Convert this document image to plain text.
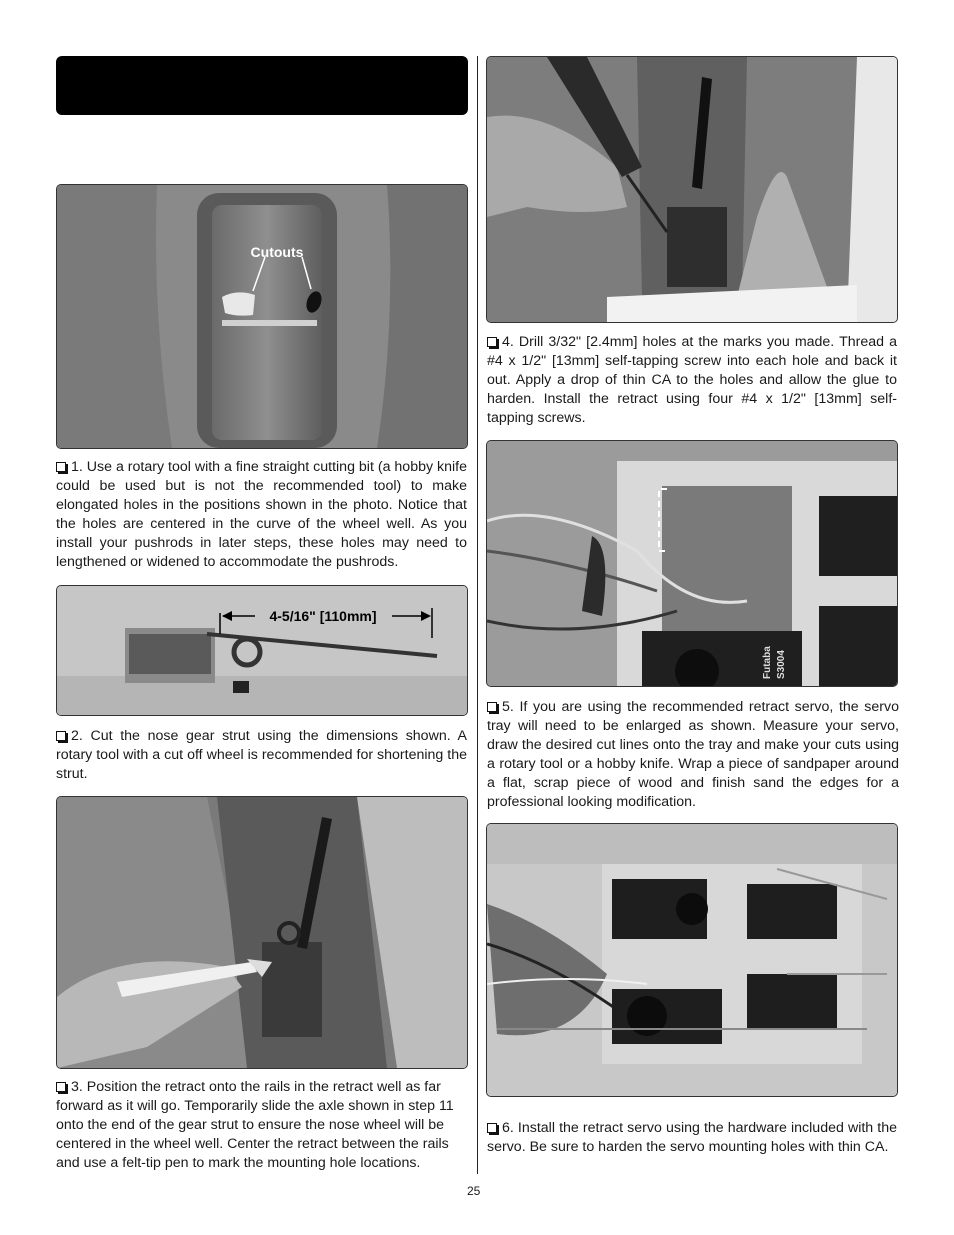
Cutouts

1. Use a rotary tool with a fine straight cutting bit (a hobby knife could be used but is not the recommended tool) to make elongated holes in the positions shown in the photo. Notice that the holes are centered in the curve of the wheel well. As you install your pushrods in later steps, these holes may need to lengthened or widened to accommodate the pushrods.

4-5/16" [110mm]

2. Cut the nose gear strut using the dimensions shown. A rotary tool with a cut off wheel is recommended for shortening the strut.

3. Position the retract onto the rails in the retract well as far forward as it will go. Temporarily slide the axle shown in step 11 onto the end of the gear strut to ensure the nose wheel will be centered in the wheel well. Center the retract between the rails and use a felt-tip pen to mark the mounting hole locations.

4. Drill 3/32" [2.4mm] holes at the marks you made. Thread a #4 x 1/2" [13mm] self-tapping screw into each hole and back it out. Apply a drop of thin CA to the holes and allow the glue to harden. Install the retract using four #4 x 1/2" [13mm] self-tapping screws.

Futaba S3004

5. If you are using the recommended retract servo, the servo tray will need to be enlarged as shown. Measure your servo, draw the desired cut lines onto the tray and make your cuts using a rotary tool or a hobby knife. Wrap a piece of sandpaper around a flat, scrap piece of wood and finish sand the edges for a professional looking modification.

6. Install the retract servo using the hardware included with the servo. Be sure to harden the servo mounting holes with thin CA.

25
